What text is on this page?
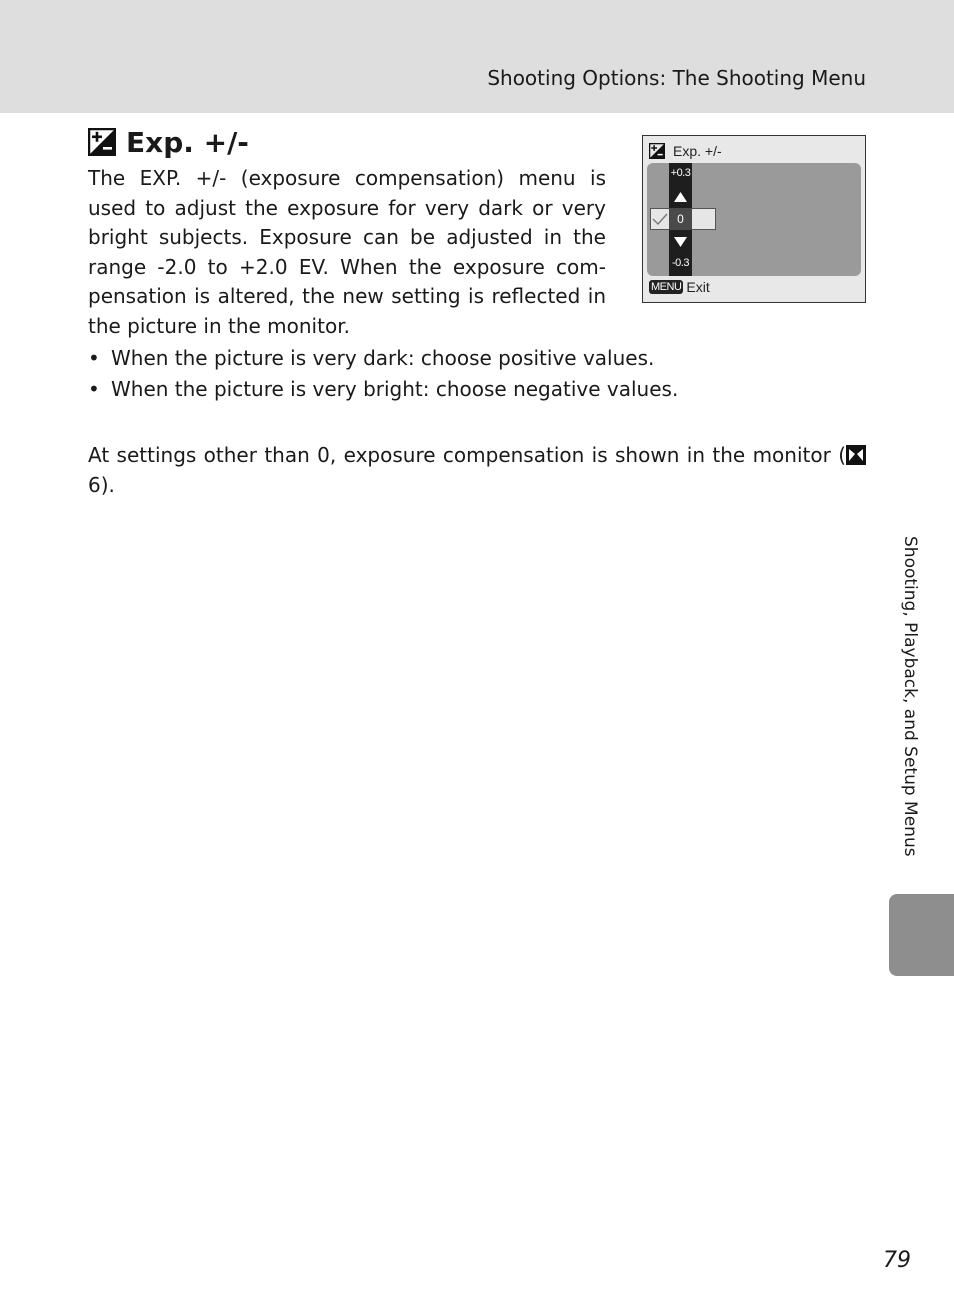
Shooting Options: The Shooting Menu
Exp. +/-

The EXP. +/- (exposure compensation) menu is used to adjust the exposure for very dark or very bright subjects. Exposure can be adjusted in the range -2.0 to +2.0 EV. When the exposure com-pensation is altered, the new setting is reflected in the picture in the monitor.

Exp. +/-
+0.3
-0.3
0
MENU Exit
• When the picture is very dark: choose positive values.
• When the picture is very bright: choose negative values.

At settings other than 0, exposure compensation is shown in the monitor ( 6).

Shooting, Playback, and Setup Menus
79
